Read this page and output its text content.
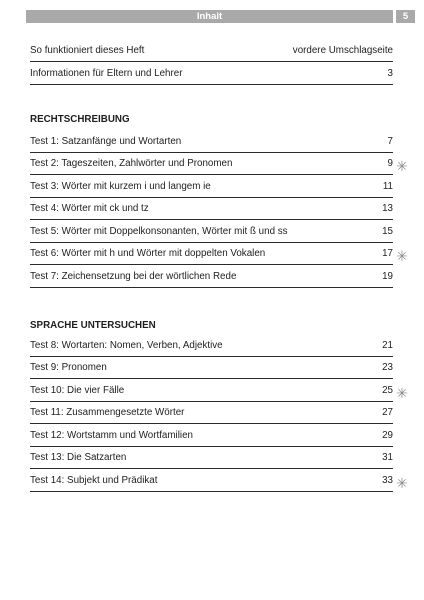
Inhalt	5
So funktioniert dieses Heft	vordere Umschlagseite
Informationen für Eltern und Lehrer	3
RECHTSCHREIBUNG
Test 1: Satzanfänge und Wortarten	7
Test 2: Tageszeiten, Zahlwörter und Pronomen	9 ✳
Test 3: Wörter mit kurzem i und langem ie	11
Test 4: Wörter mit ck und tz	13
Test 5: Wörter mit Doppelkonsonanten, Wörter mit ß und ss	15
Test 6: Wörter mit h und Wörter mit doppelten Vokalen	17 ✳
Test 7: Zeichensetzung bei der wörtlichen Rede	19
SPRACHE UNTERSUCHEN
Test 8: Wortarten: Nomen, Verben, Adjektive	21
Test 9: Pronomen	23
Test 10: Die vier Fälle	25 ✳
Test 11: Zusammengesetzte Wörter	27
Test 12: Wortstamm und Wortfamilien	29
Test 13: Die Satzarten	31
Test 14: Subjekt und Prädikat	33 ✳
